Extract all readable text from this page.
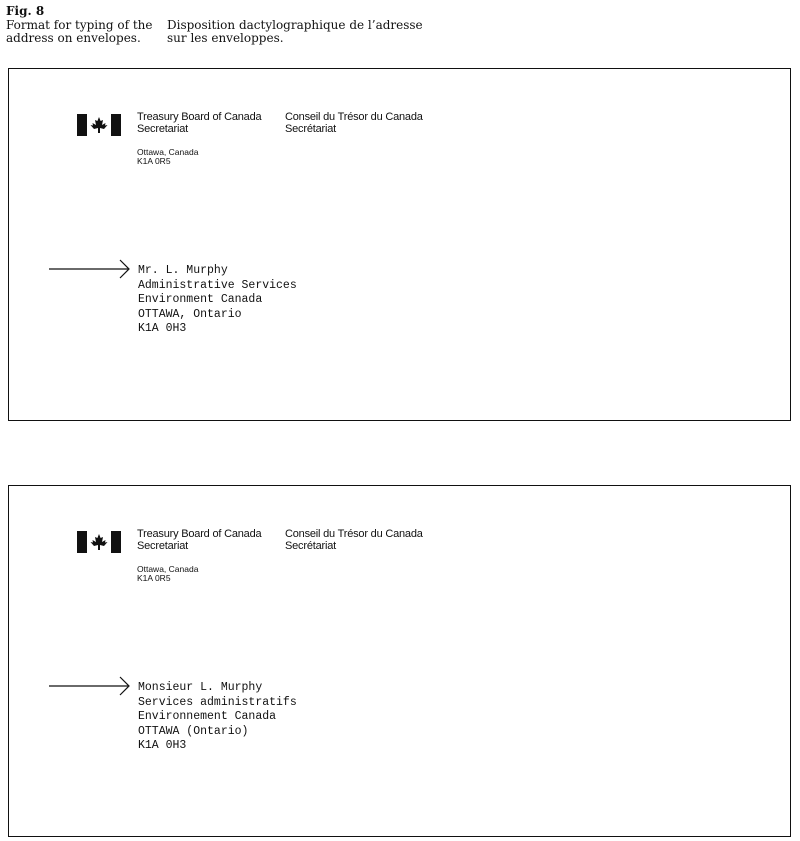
Fig. 8
Format for typing of the
address on envelopes.
Disposition dactylographique de l’adresse
sur les enveloppes.
Treasury Board of Canada
Secretariat
Conseil du Trésor du Canada
Secrétariat
Ottawa, Canada
K1A 0R5
Mr. L. Murphy
Administrative Services
Environment Canada
OTTAWA, Ontario
K1A 0H3
Treasury Board of Canada
Secretariat
Conseil du Trésor du Canada
Secrétariat
Ottawa, Canada
K1A 0R5
Monsieur L. Murphy
Services administratifs
Environnement Canada
OTTAWA (Ontario)
K1A 0H3
